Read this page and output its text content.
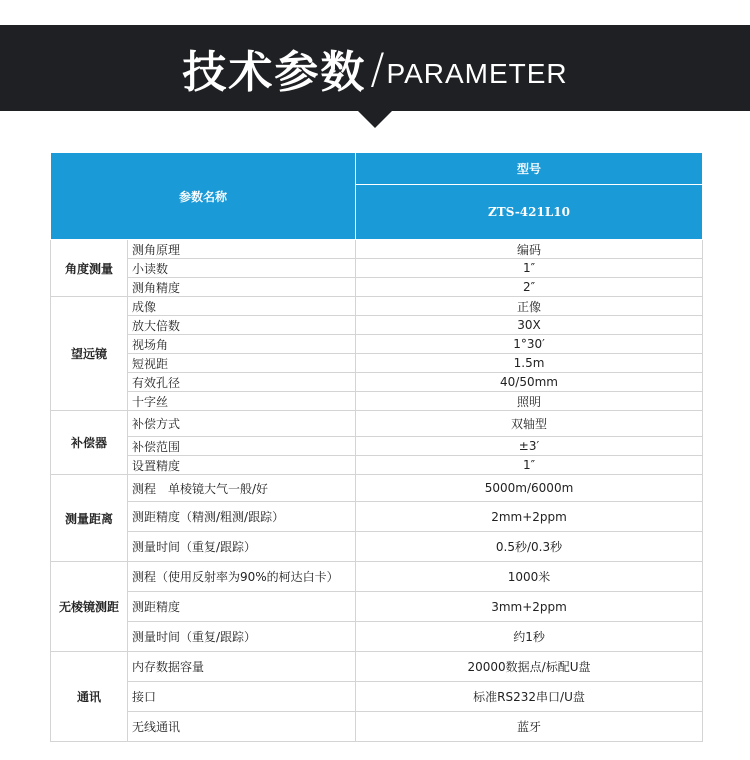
技术参数 / PARAMETER
参数名称		型号
		ZTS-421L10
角度测量	测角原理	编码
	小读数	1″
	测角精度	2″
望远镜	成像	正像
	放大倍数	30X
	视场角	1°30′
	短视距	1.5m
	有效孔径	40/50mm
	十字丝	照明
补偿器	补偿方式	双轴型
	补偿范围	±3′
	设置精度	1″
测量距离	测程　单棱镜大气一般/好	5000m/6000m
	测距精度（精测/粗测/跟踪）	2mm+2ppm
	测量时间（重复/跟踪）	0.5秒/0.3秒
无棱镜测距	测程（使用反射率为90%的柯达白卡）	1000米
	测距精度	3mm+2ppm
	测量时间（重复/跟踪）	约1秒
通讯	内存数据容量	20000数据点/标配U盘
	接口	标准RS232串口/U盘
	无线通讯	蓝牙
